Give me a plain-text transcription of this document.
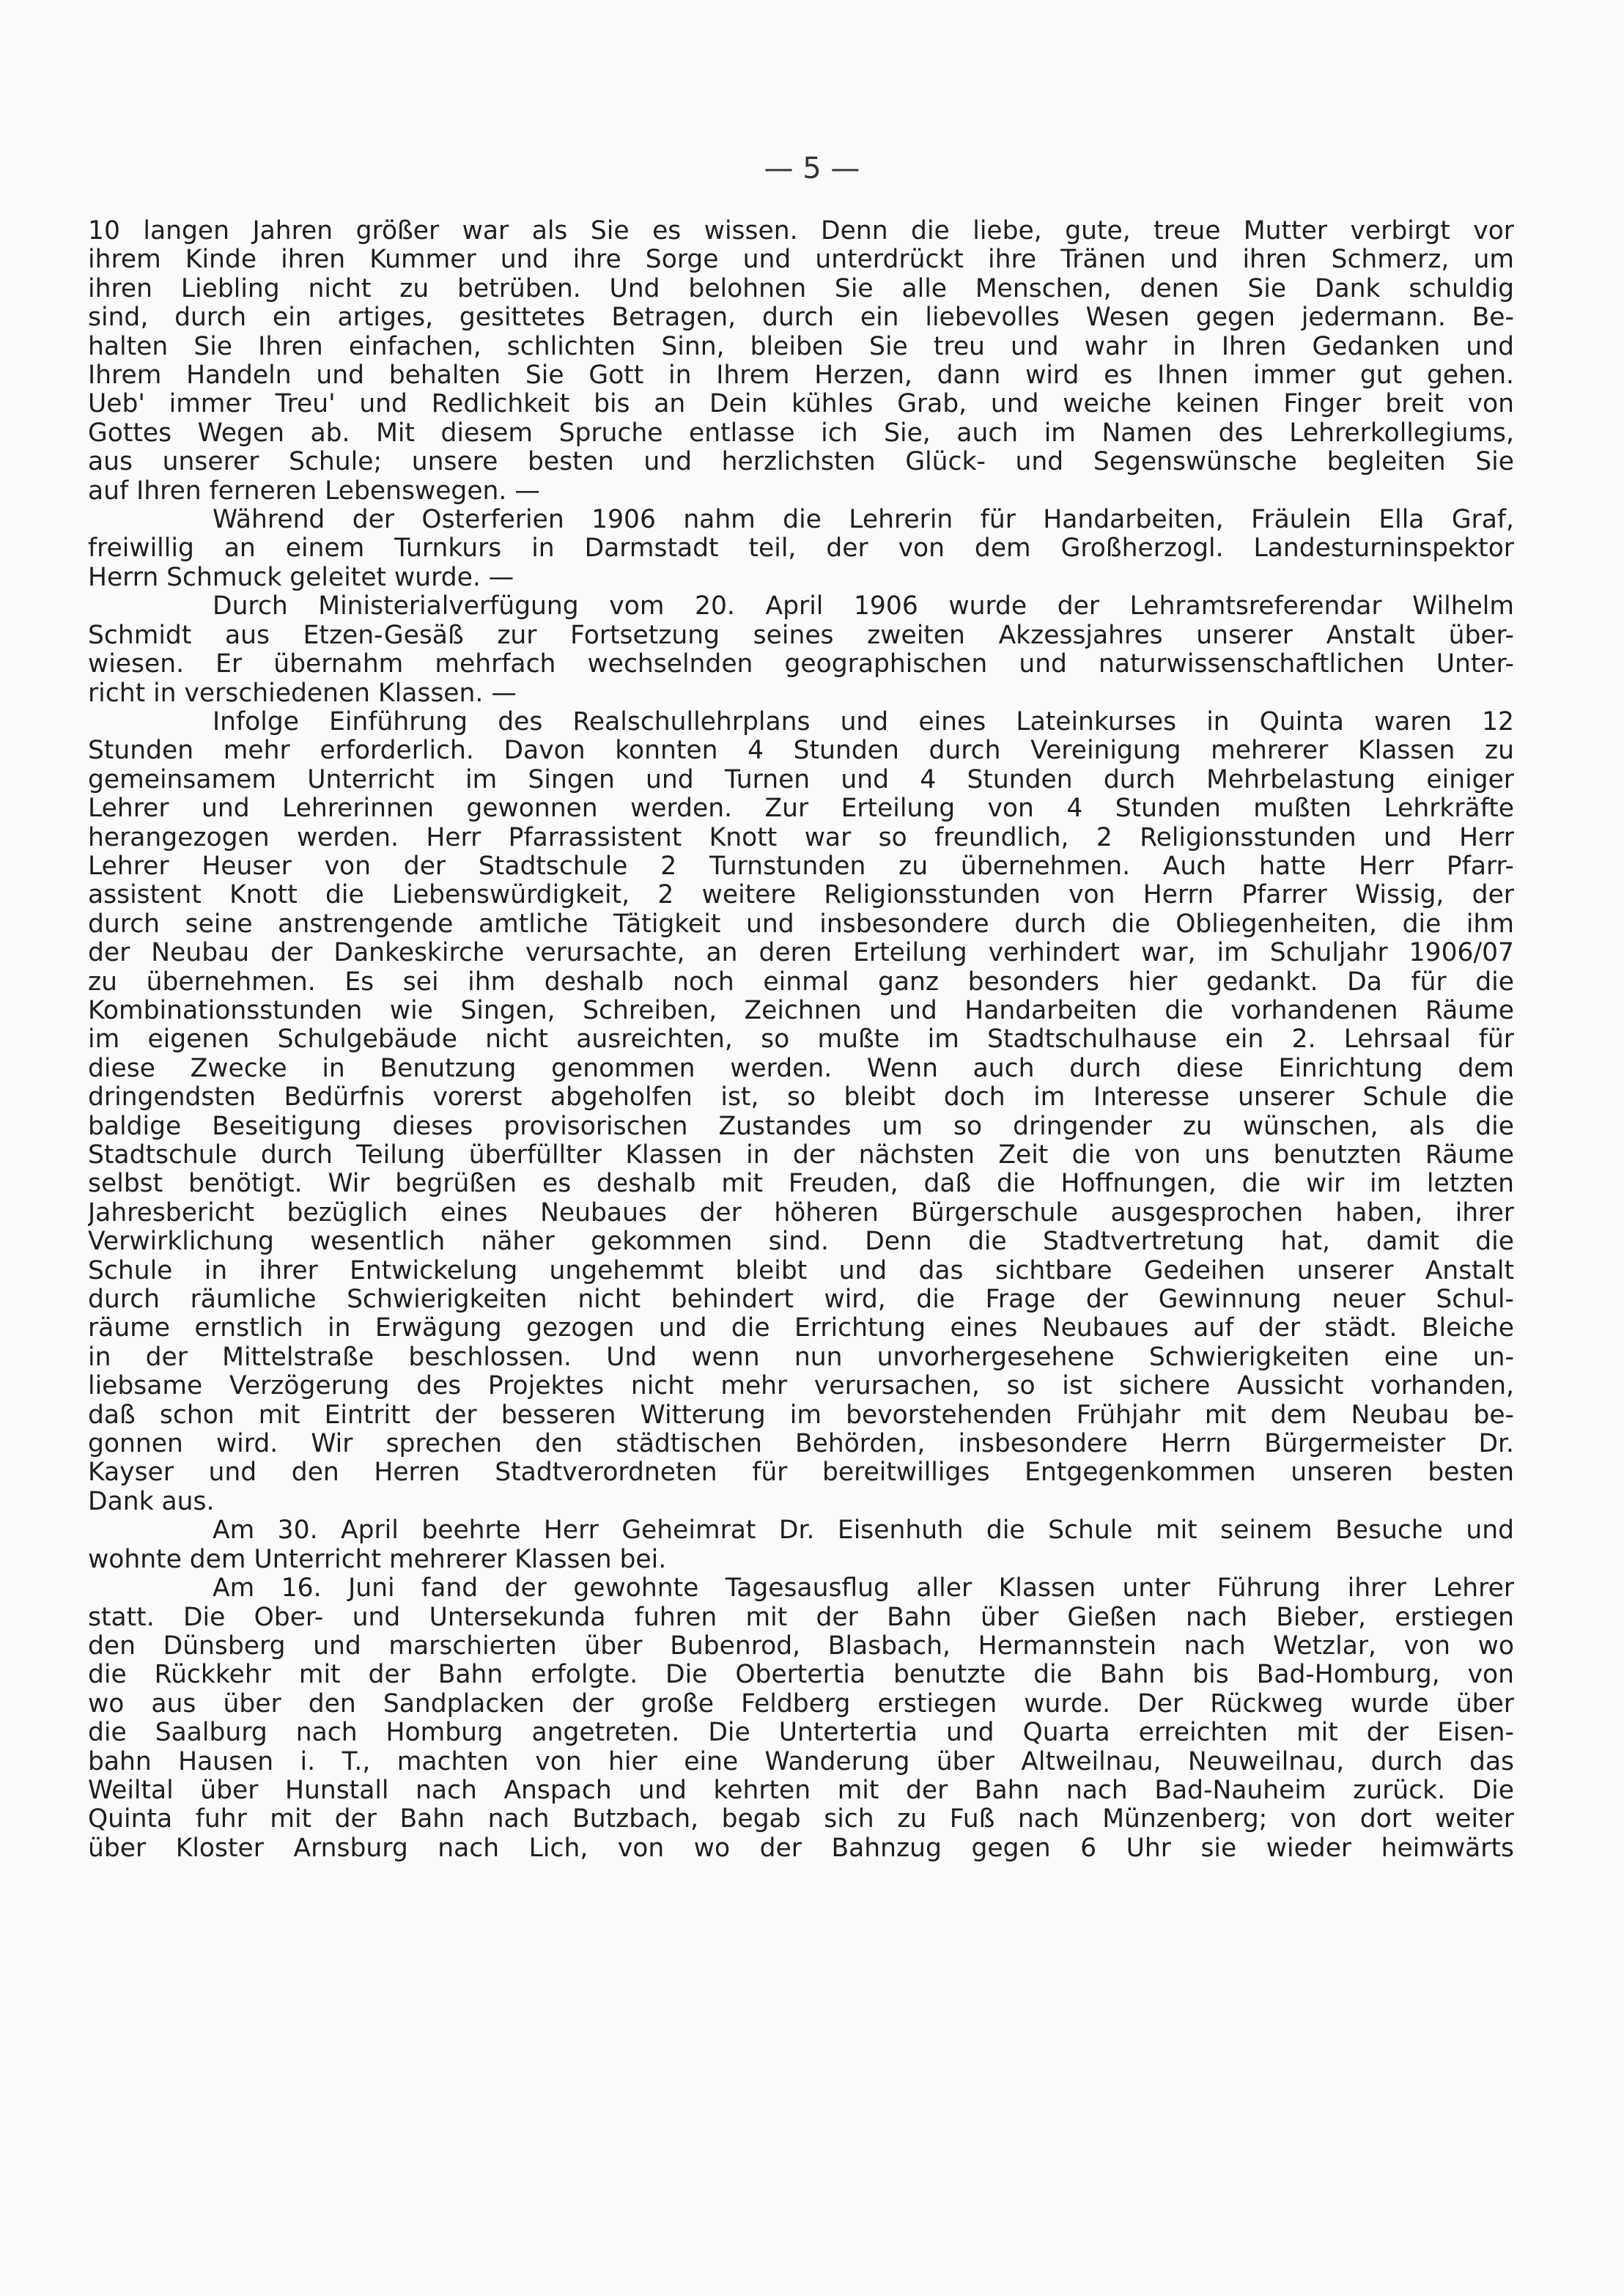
— 5 —
10 langen Jahren größer war als Sie es wissen. Denn die liebe, gute, treue Mutter verbirgt vor
ihrem Kinde ihren Kummer und ihre Sorge und unterdrückt ihre Tränen und ihren Schmerz, um
ihren Liebling nicht zu betrüben. Und belohnen Sie alle Menschen, denen Sie Dank schuldig
sind, durch ein artiges, gesittetes Betragen, durch ein liebevolles Wesen gegen jedermann. Be-
halten Sie Ihren einfachen, schlichten Sinn, bleiben Sie treu und wahr in Ihren Gedanken und
Ihrem Handeln und behalten Sie Gott in Ihrem Herzen, dann wird es Ihnen immer gut gehen.
Ueb' immer Treu' und Redlichkeit bis an Dein kühles Grab, und weiche keinen Finger breit von
Gottes Wegen ab. Mit diesem Spruche entlasse ich Sie, auch im Namen des Lehrerkollegiums,
aus unserer Schule; unsere besten und herzlichsten Glück- und Segenswünsche begleiten Sie
auf Ihren ferneren Lebenswegen. —
Während der Osterferien 1906 nahm die Lehrerin für Handarbeiten, Fräulein Ella Graf,
freiwillig an einem Turnkurs in Darmstadt teil, der von dem Großherzogl. Landesturninspektor
Herrn Schmuck geleitet wurde. —
Durch Ministerialverfügung vom 20. April 1906 wurde der Lehramtsreferendar Wilhelm
Schmidt aus Etzen-Gesäß zur Fortsetzung seines zweiten Akzessjahres unserer Anstalt über-
wiesen. Er übernahm mehrfach wechselnden geographischen und naturwissenschaftlichen Unter-
richt in verschiedenen Klassen. —
Infolge Einführung des Realschullehrplans und eines Lateinkurses in Quinta waren 12
Stunden mehr erforderlich. Davon konnten 4 Stunden durch Vereinigung mehrerer Klassen zu
gemeinsamem Unterricht im Singen und Turnen und 4 Stunden durch Mehrbelastung einiger
Lehrer und Lehrerinnen gewonnen werden. Zur Erteilung von 4 Stunden mußten Lehrkräfte
herangezogen werden. Herr Pfarrassistent Knott war so freundlich, 2 Religionsstunden und Herr
Lehrer Heuser von der Stadtschule 2 Turnstunden zu übernehmen. Auch hatte Herr Pfarr-
assistent Knott die Liebenswürdigkeit, 2 weitere Religionsstunden von Herrn Pfarrer Wissig, der
durch seine anstrengende amtliche Tätigkeit und insbesondere durch die Obliegenheiten, die ihm
der Neubau der Dankeskirche verursachte, an deren Erteilung verhindert war, im Schuljahr 1906/07
zu übernehmen. Es sei ihm deshalb noch einmal ganz besonders hier gedankt. Da für die
Kombinationsstunden wie Singen, Schreiben, Zeichnen und Handarbeiten die vorhandenen Räume
im eigenen Schulgebäude nicht ausreichten, so mußte im Stadtschulhause ein 2. Lehrsaal für
diese Zwecke in Benutzung genommen werden. Wenn auch durch diese Einrichtung dem
dringendsten Bedürfnis vorerst abgeholfen ist, so bleibt doch im Interesse unserer Schule die
baldige Beseitigung dieses provisorischen Zustandes um so dringender zu wünschen, als die
Stadtschule durch Teilung überfüllter Klassen in der nächsten Zeit die von uns benutzten Räume
selbst benötigt. Wir begrüßen es deshalb mit Freuden, daß die Hoffnungen, die wir im letzten
Jahresbericht bezüglich eines Neubaues der höheren Bürgerschule ausgesprochen haben, ihrer
Verwirklichung wesentlich näher gekommen sind. Denn die Stadtvertretung hat, damit die
Schule in ihrer Entwickelung ungehemmt bleibt und das sichtbare Gedeihen unserer Anstalt
durch räumliche Schwierigkeiten nicht behindert wird, die Frage der Gewinnung neuer Schul-
räume ernstlich in Erwägung gezogen und die Errichtung eines Neubaues auf der städt. Bleiche
in der Mittelstraße beschlossen. Und wenn nun unvorhergesehene Schwierigkeiten eine un-
liebsame Verzögerung des Projektes nicht mehr verursachen, so ist sichere Aussicht vorhanden,
daß schon mit Eintritt der besseren Witterung im bevorstehenden Frühjahr mit dem Neubau be-
gonnen wird. Wir sprechen den städtischen Behörden, insbesondere Herrn Bürgermeister Dr.
Kayser und den Herren Stadtverordneten für bereitwilliges Entgegenkommen unseren besten
Dank aus.
Am 30. April beehrte Herr Geheimrat Dr. Eisenhuth die Schule mit seinem Besuche und
wohnte dem Unterricht mehrerer Klassen bei.
Am 16. Juni fand der gewohnte Tagesausflug aller Klassen unter Führung ihrer Lehrer
statt. Die Ober- und Untersekunda fuhren mit der Bahn über Gießen nach Bieber, erstiegen
den Dünsberg und marschierten über Bubenrod, Blasbach, Hermannstein nach Wetzlar, von wo
die Rückkehr mit der Bahn erfolgte. Die Obertertia benutzte die Bahn bis Bad-Homburg, von
wo aus über den Sandplacken der große Feldberg erstiegen wurde. Der Rückweg wurde über
die Saalburg nach Homburg angetreten. Die Untertertia und Quarta erreichten mit der Eisen-
bahn Hausen i. T., machten von hier eine Wanderung über Altweilnau, Neuweilnau, durch das
Weiltal über Hunstall nach Anspach und kehrten mit der Bahn nach Bad-Nauheim zurück. Die
Quinta fuhr mit der Bahn nach Butzbach, begab sich zu Fuß nach Münzenberg; von dort weiter
über Kloster Arnsburg nach Lich, von wo der Bahnzug gegen 6 Uhr sie wieder heimwärts
